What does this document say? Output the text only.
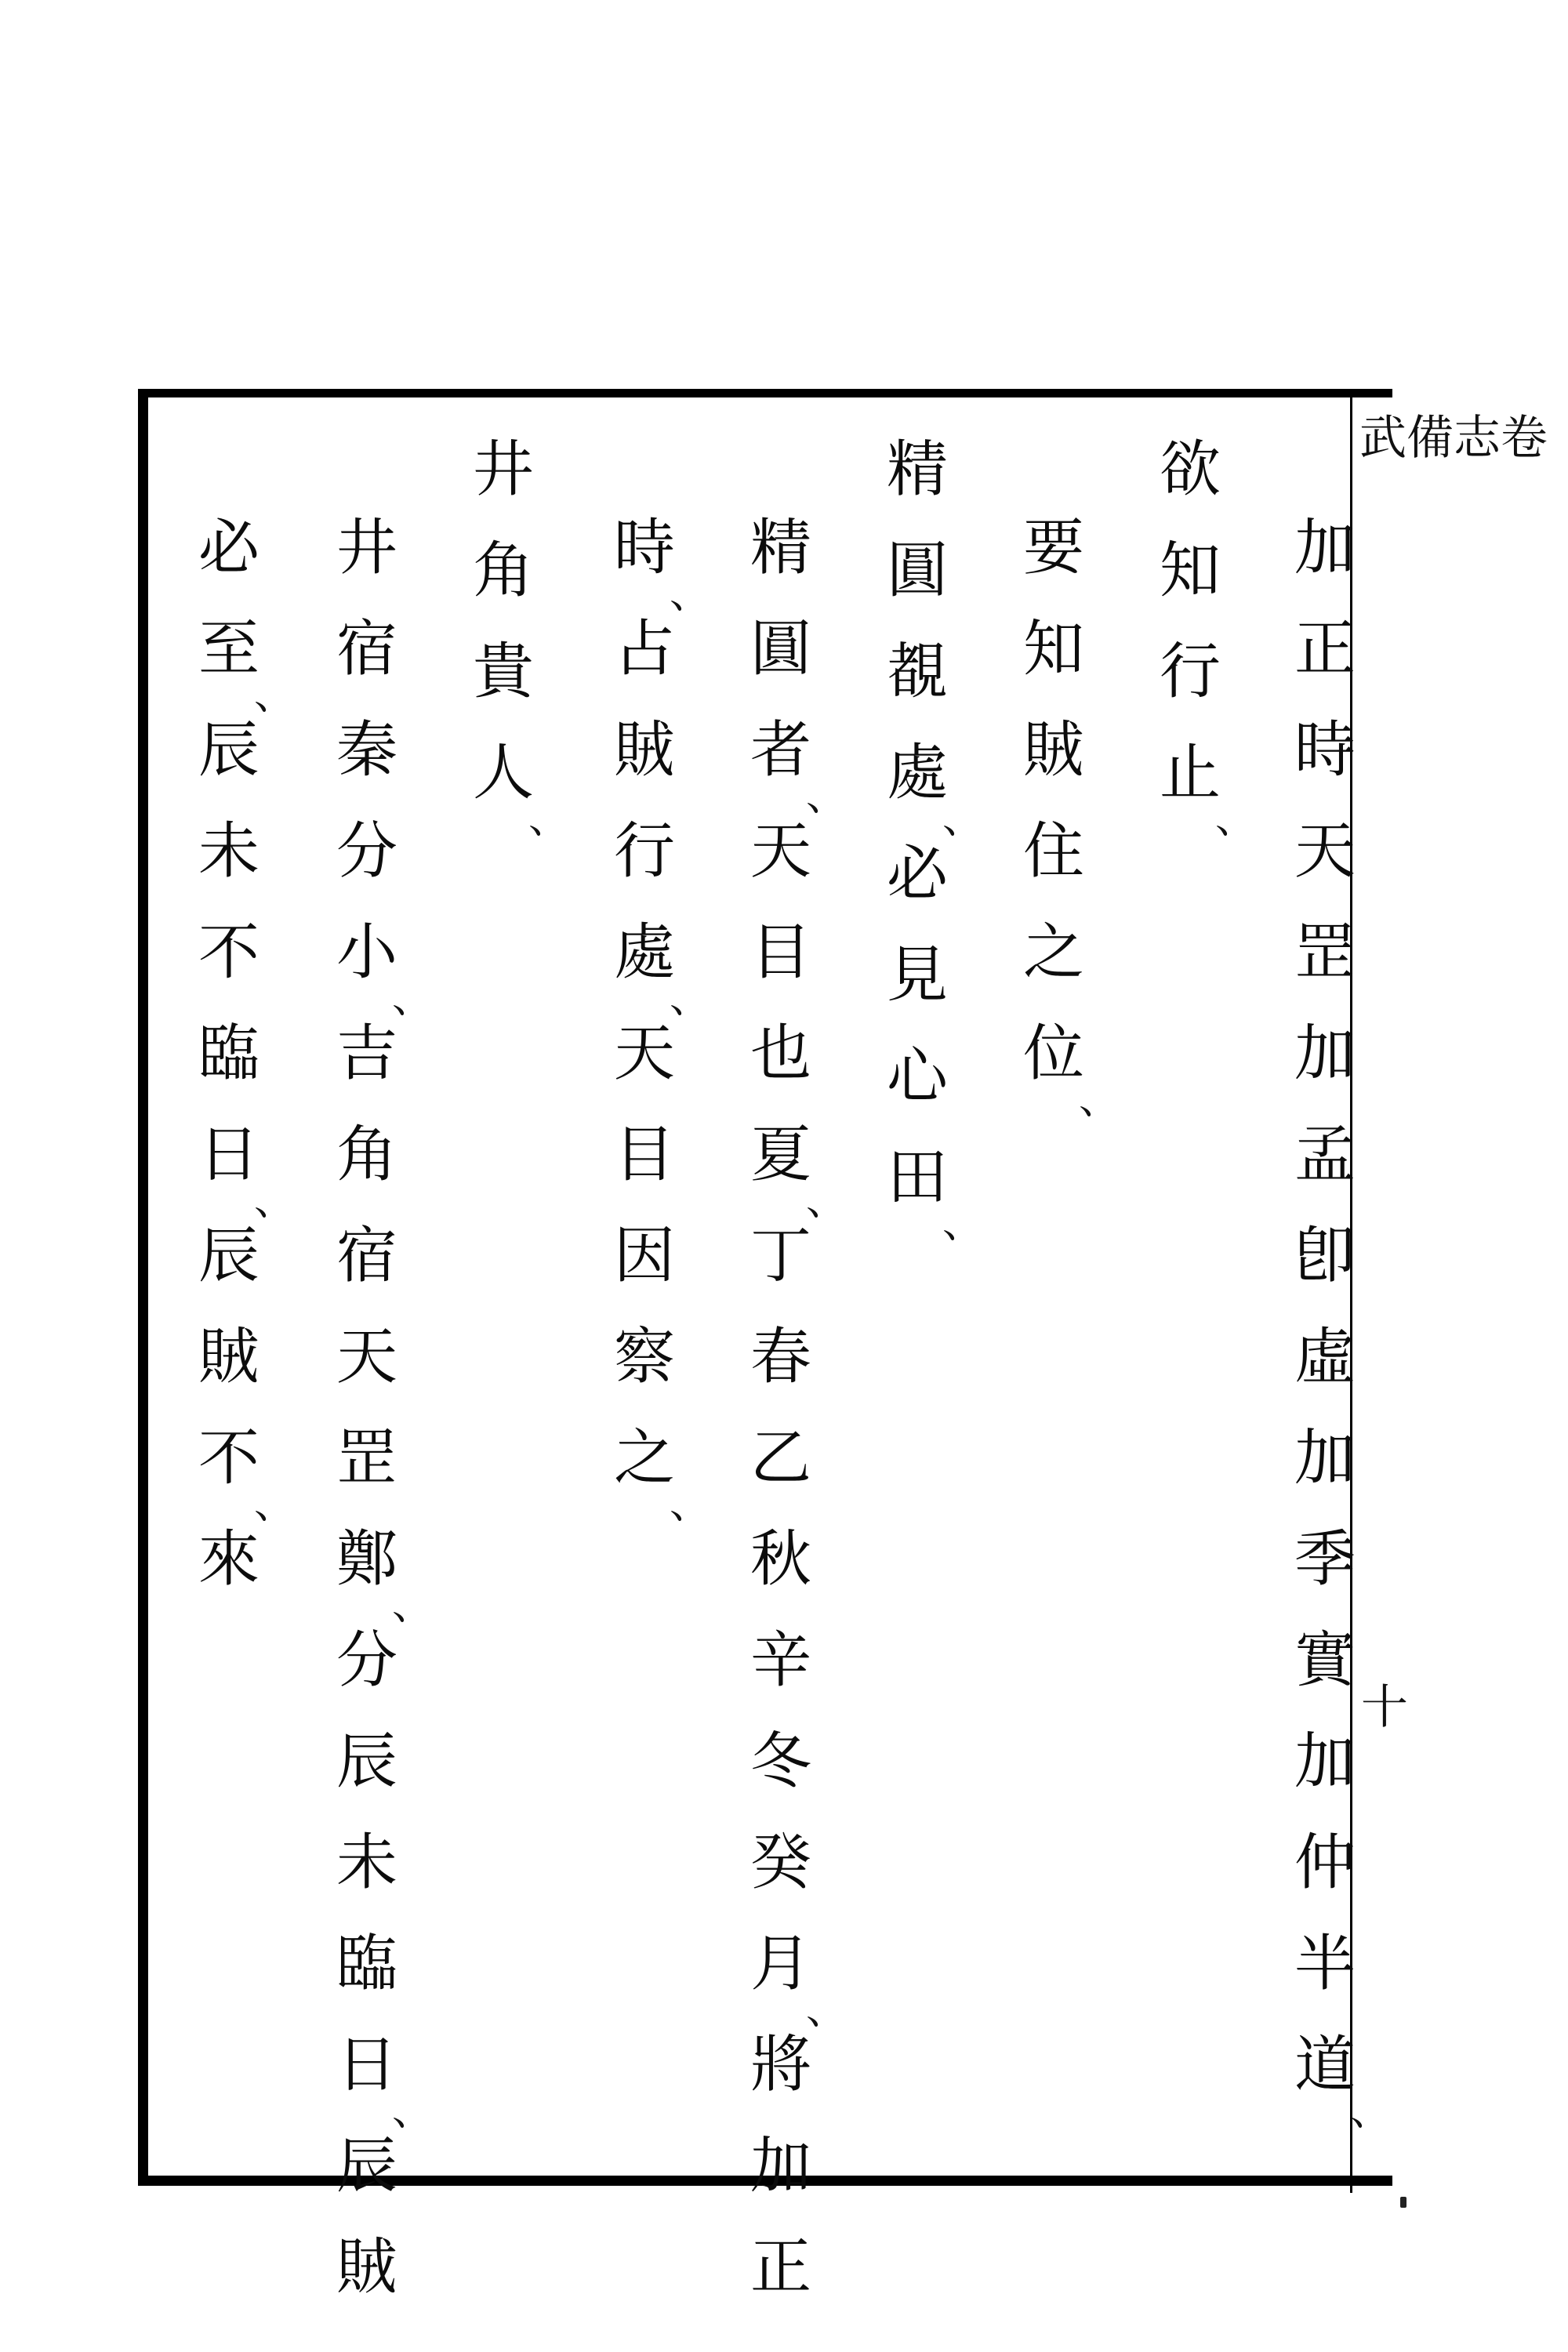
武備志卷
十
加
正
時
天
罡
加
孟
卽
虛
加
季
實
加
仲
半
道 、
欲
知
行
止 、
要
知
賊
住
之
位 、
精
圓
覩
處 、
必
見
心
田 、
精
圓
者 、
天
目
也
夏 、
丁
春
乙
秋
辛
冬
癸
月 、
將
加
正
時 、
占
賊
行
處 、
天
目
因
察
之 、
井
角
貴
人 、
井
宿
秦
分
小 、
吉
角
宿
天
罡
鄭 、
分
辰
未
臨
日 、
辰
賊
必
至 、
辰
未
不
臨
日 、
辰
賊
不 、
來
